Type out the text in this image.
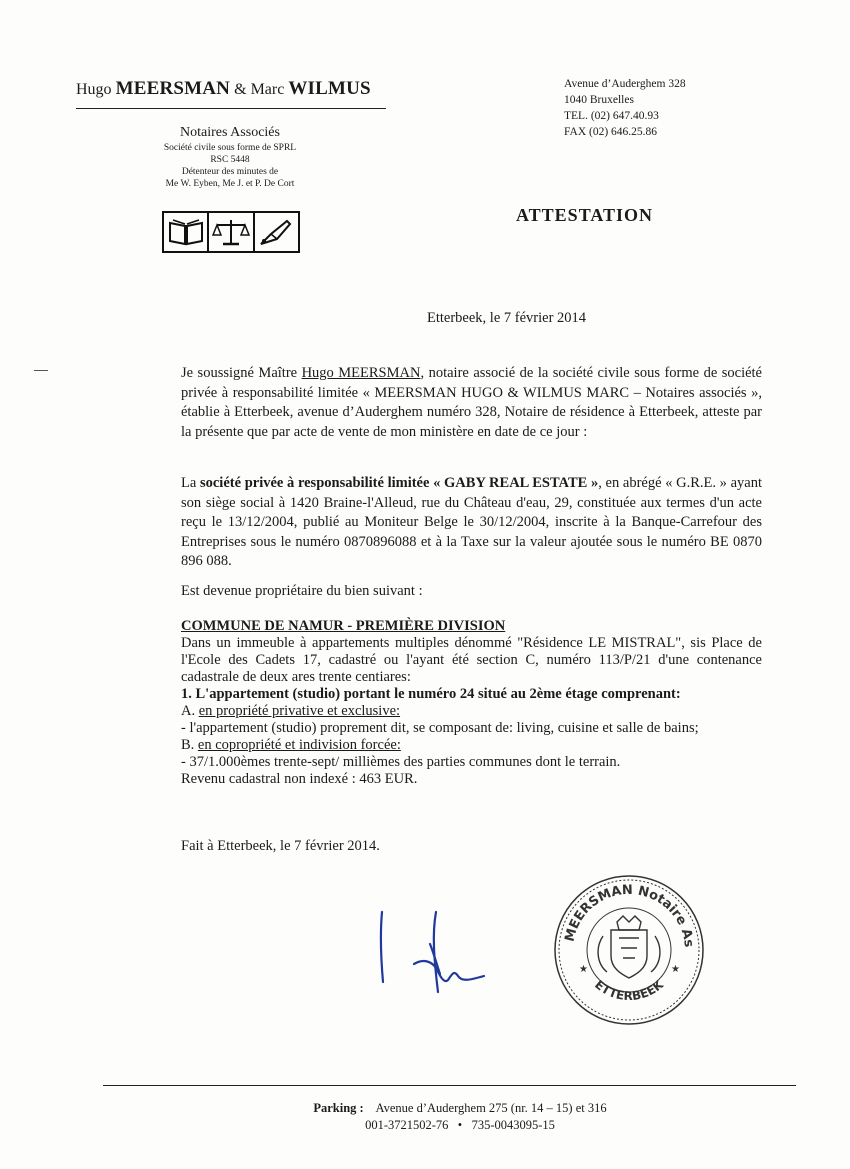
Hugo MEERSMAN & Marc WILMUS
Notaires Associés
Société civile sous forme de SPRL
RSC 5448
Détenteur des minutes de
Me W. Eyben, Me J. et P. De Cort
Avenue d’Auderghem 328
1040 Bruxelles
TEL. (02) 647.40.93
FAX (02) 646.25.86
ATTESTATION
Etterbeek, le 7 février 2014
Je soussigné Maître Hugo MEERSMAN, notaire associé de la société civile sous forme de société privée à responsabilité limitée « MEERSMAN HUGO & WILMUS MARC – Notaires associés », établie à Etterbeek, avenue d’Auderghem numéro 328, Notaire de résidence à Etterbeek, atteste par la présente que par acte de vente de mon ministère en date de ce jour :
La société privée à responsabilité limitée « GABY REAL ESTATE », en abrégé « G.R.E. » ayant son siège social à 1420 Braine-l'Alleud, rue du Château d'eau, 29, constituée aux termes d'un acte reçu le 13/12/2004, publié au Moniteur Belge le 30/12/2004, inscrite à la Banque-Carrefour des Entreprises sous le numéro 0870896088 et à la Taxe sur la valeur ajoutée sous le numéro BE 0870 896 088.
Est devenue propriétaire du bien suivant :
COMMUNE DE NAMUR - PREMIÈRE DIVISION
Dans un immeuble à appartements multiples dénommé "Résidence LE MISTRAL", sis Place de l'Ecole des Cadets 17, cadastré ou l'ayant été section C, numéro 113/P/21 d'une contenance cadastrale de deux ares trente centiares:
1. L'appartement (studio) portant le numéro 24 situé au 2ème étage comprenant:
A. en propriété privative et exclusive:
- l'appartement (studio) proprement dit, se composant de: living, cuisine et salle de bains;
B. en copropriété et indivision forcée:
- 37/1.000èmes trente-sept/ millièmes des parties communes dont le terrain.
Revenu cadastral non indexé : 463 EUR.
Fait à Etterbeek, le 7 février 2014.
MEERSMAN Notaire As
ETTERBEEK
★	★
Parking : Avenue d’Auderghem 275 (nr. 14 – 15) et 316
001-3721502-76 • 735-0043095-15
